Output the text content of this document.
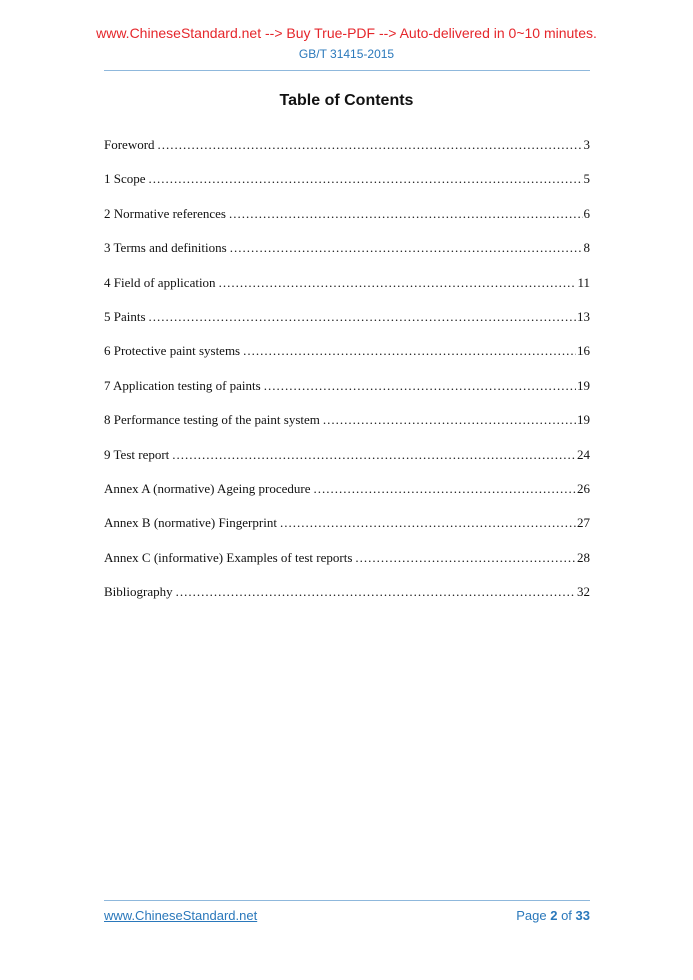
www.ChineseStandard.net --> Buy True-PDF --> Auto-delivered in 0~10 minutes.
GB/T 31415-2015
Table of Contents
Foreword .....	3
1 Scope .....	5
2 Normative references .....	6
3 Terms and definitions .....	8
4 Field of application .....	11
5 Paints .....	13
6 Protective paint systems .....	16
7 Application testing of paints .....	19
8 Performance testing of the paint system .....	19
9 Test report .....	24
Annex A (normative) Ageing procedure .....	26
Annex B (normative) Fingerprint .....	27
Annex C (informative) Examples of test reports .....	28
Bibliography .....	32
www.ChineseStandard.net	Page 2 of 33
